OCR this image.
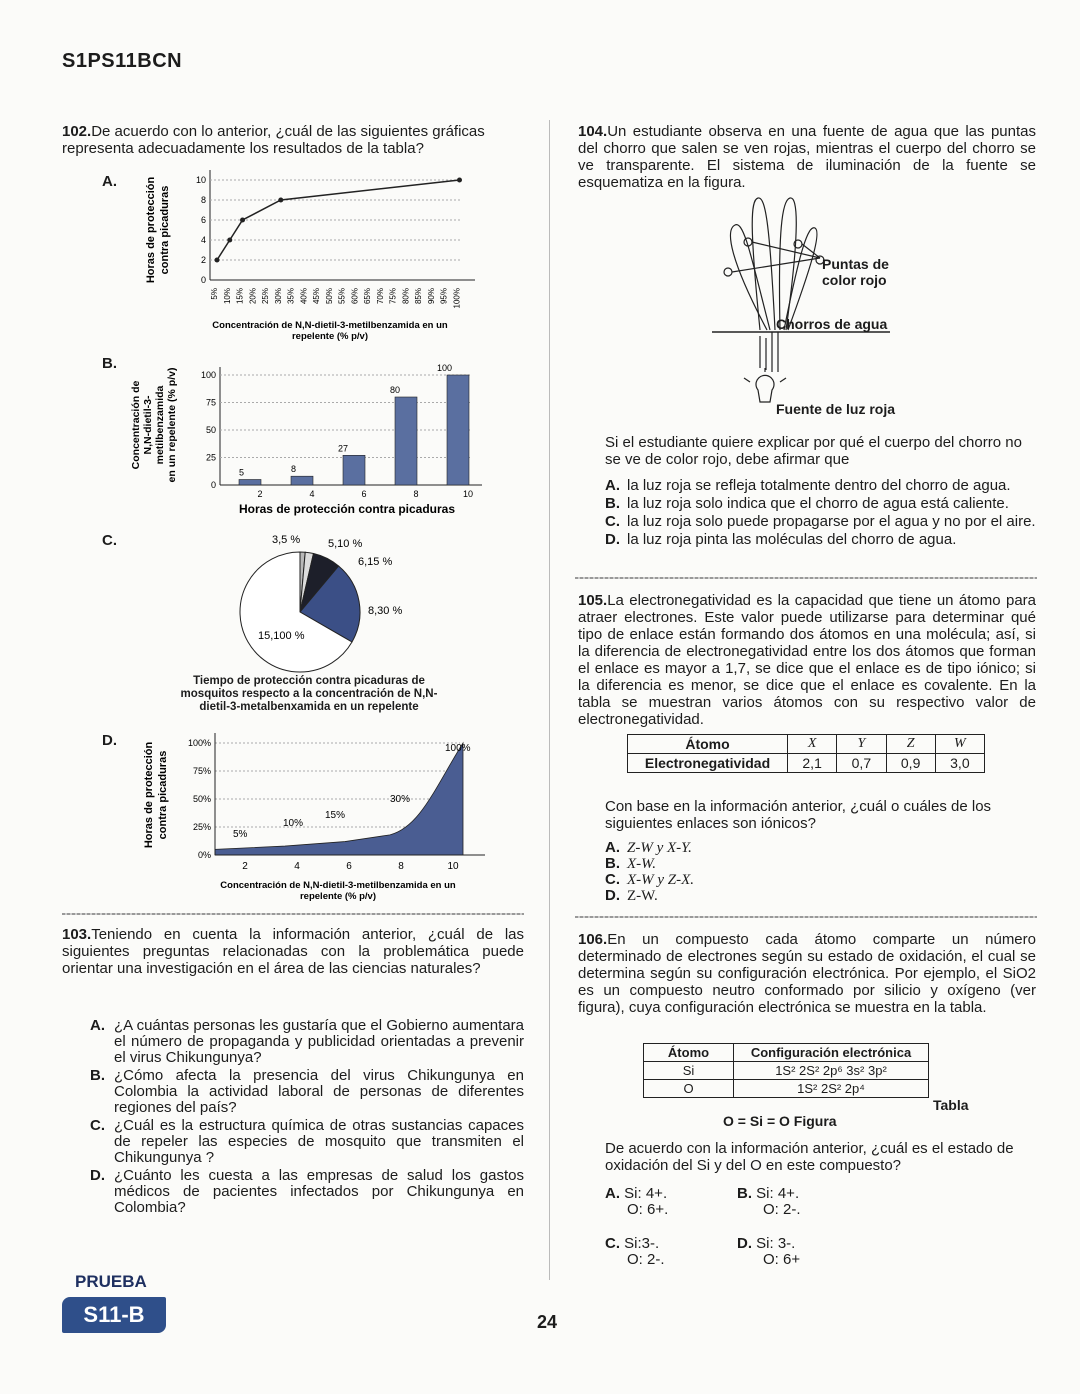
S1PS11BCN
102.De acuerdo con lo anterior, ¿cuál de las siguientes gráficas representa adecuadamente los resultados de la tabla?
A.
0
2
4
6
8
10
5% 10% 15% 20% 25% 30% 35% 40% 45% 50% 55% 60% 65% 70% 75% 80% 85% 90% 95% 100%
Horas de protección contra picaduras
Concentración de N,N-dietil-3-metilbenzamida en un
repelente (% p/v)
B.
0
25
50
75
100
5
2
8
4
27
6
80
8
100
10
Concentración de N,N-dietil-3- metilbenzamida en un repelente (% p/v)
Horas de protección contra picaduras
C.	3,5 %	5,10 %
6,15 %
8,30 %
15,100 %
Tiempo de protección contra picaduras de mosquitos respecto a la concentración de N,N- dietil-3-metalbenxamida en un repelente
D.
0%
25%
50%
75%
100%
5%
10%
15%
30%
100%
2	4	6	8	10
Horas de protección contra picaduras
Concentración de N,N-dietil-3-metilbenzamida en un
repelente (% p/v)
103.Teniendo en cuenta la información anterior, ¿cuál de las siguientes preguntas relacionadas con la problemática puede orientar una investigación en el área de las ciencias naturales?
A. ¿A cuántas personas les gustaría que el Gobierno aumentara el número de propaganda y publicidad orientadas a prevenir el virus Chikungunya?
B. ¿Cómo afecta la presencia del virus Chikungunya en Colombia la actividad laboral de personas de diferentes regiones del país?
C. ¿Cuál es la estructura química de otras sustancias capaces de repeler las especies de mosquito que transmiten el Chikungunya ?
D. ¿Cuánto les cuesta a las empresas de salud los gastos médicos de pacientes infectados por Chikungunya en Colombia?
104.Un estudiante observa en una fuente de agua que las puntas del chorro que salen se ven rojas, mientras el cuerpo del chorro se ve transparente. El sistema de iluminación de la fuente se esquematiza en la figura.
Puntas de color rojo
Chorros de agua
Fuente de luz roja
Si el estudiante quiere explicar por qué el cuerpo del chorro no se ve de color rojo, debe afirmar que
A. la luz roja se refleja totalmente dentro del chorro de agua.
B. la luz roja solo indica que el chorro de agua está caliente.
C. la luz roja solo puede propagarse por el agua y no por el aire.
D. la luz roja pinta las moléculas del chorro de agua.
105.La electronegatividad es la capacidad que tiene un átomo para atraer electrones. Este valor puede utilizarse para determinar qué tipo de enlace están formando dos átomos en una molécula; así, si la diferencia de electronegatividad entre los dos átomos que forman el enlace es mayor a 1,7, se dice que el enlace es de tipo iónico; si la diferencia es menor, se dice que el enlace es covalente. En la tabla se muestran varios átomos con su respectivo valor de electronegatividad.
Átomo	X	Y	Z	W
Electronegatividad	2,1	0,7	0,9	3,0
Con base en la información anterior, ¿cuál o cuáles de los siguientes enlaces son iónicos?
A. Z-W y X-Y.
B. X-W.
C. X-W y Z-X.
D. Z-W.
106.En un compuesto cada átomo comparte un número determinado de electrones según su estado de oxidación, el cual se determina según su configuración electrónica. Por ejemplo, el SiO2 es un compuesto neutro conformado por silicio y oxígeno (ver figura), cuya configuración electrónica se muestra en la tabla.
Átomo	Configuración electrónica
Si	1S² 2S² 2p⁶ 3s² 3p²
O	1S² 2S² 2p⁴
Tabla
O = Si = O Figura
De acuerdo con la información anterior, ¿cuál es el estado de oxidación del Si y del O en este compuesto?
A. Si: 4+.
O: 6+.
B. Si: 4+.
O: 2-.
C. Si:3-.
O: 2-.
D. Si: 3-.
O: 6+
PRUEBA
S11-B	24
